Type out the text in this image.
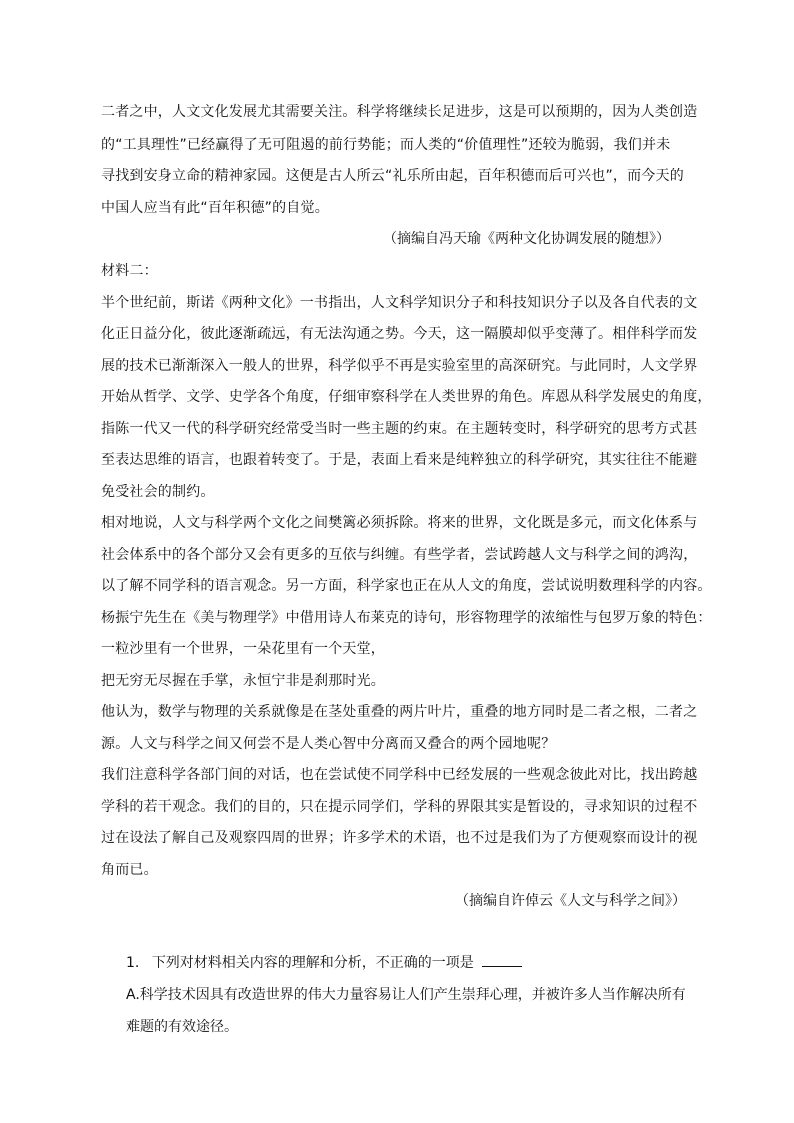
二者之中，人文文化发展尤其需要关注。科学将继续长足进步，这是可以预期的，因为人类创造
的“工具理性”已经赢得了无可阻遏的前行势能；而人类的“价值理性”还较为脆弱，我们并未
寻找到安身立命的精神家园。这便是古人所云“礼乐所由起，百年积德而后可兴也”，而今天的
中国人应当有此“百年积德”的自觉。
（摘编自冯天瑜《两种文化协调发展的随想》）
材料二：
半个世纪前，斯诺《两种文化》一书指出，人文科学知识分子和科技知识分子以及各自代表的文
化正日益分化，彼此逐渐疏远，有无法沟通之势。今天，这一隔膜却似乎变薄了。相伴科学而发
展的技术已渐渐深入一般人的世界，科学似乎不再是实验室里的高深研究。与此同时，人文学界
开始从哲学、文学、史学各个角度，仔细审察科学在人类世界的角色。库恩从科学发展史的角度，
指陈一代又一代的科学研究经常受当时一些主题的约束。在主题转变时，科学研究的思考方式甚
至表达思维的语言，也跟着转变了。于是，表面上看来是纯粹独立的科学研究，其实往往不能避
免受社会的制约。
相对地说，人文与科学两个文化之间樊篱必须拆除。将来的世界，文化既是多元，而文化体系与
社会体系中的各个部分又会有更多的互依与纠缠。有些学者，尝试跨越人文与科学之间的鸿沟，
以了解不同学科的语言观念。另一方面，科学家也正在从人文的角度，尝试说明数理科学的内容。
杨振宁先生在《美与物理学》中借用诗人布莱克的诗句，形容物理学的浓缩性与包罗万象的特色：
一粒沙里有一个世界，一朵花里有一个天堂，
把无穷无尽握在手掌，永恒宁非是刹那时光。
他认为，数学与物理的关系就像是在茎处重叠的两片叶片，重叠的地方同时是二者之根，二者之
源。人文与科学之间又何尝不是人类心智中分离而又叠合的两个园地呢？
我们注意科学各部门间的对话，也在尝试使不同学科中已经发展的一些观念彼此对比，找出跨越
学科的若干观念。我们的目的，只在提示同学们，学科的界限其实是暂设的，寻求知识的过程不
过在设法了解自己及观察四周的世界；许多学术的术语，也不过是我们为了方便观察而设计的视
角而已。
（摘编自许倬云《人文与科学之间》）
1. 下列对材料相关内容的理解和分析，不正确的一项是
A.科学技术因具有改造世界的伟大力量容易让人们产生崇拜心理，并被许多人当作解决所有
难题的有效途径。
